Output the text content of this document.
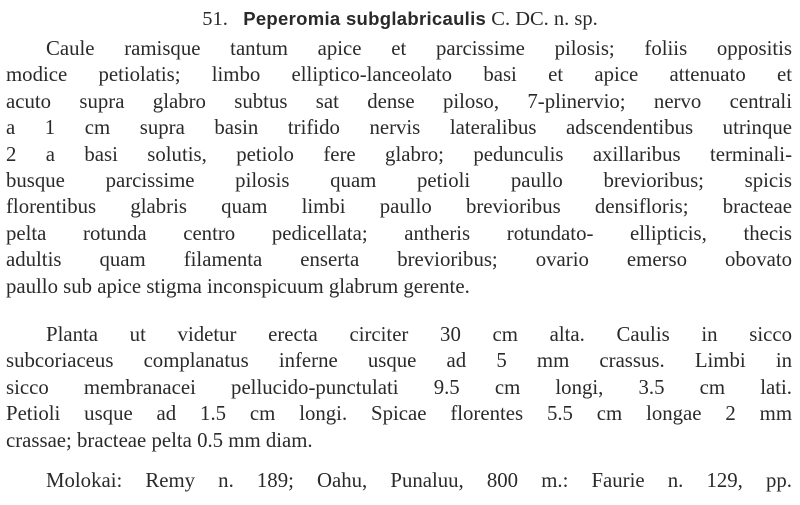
51. Peperomia subglabricaulis C. DC. n. sp.
Caule ramisque tantum apice et parcissime pilosis; foliis oppositis
modice petiolatis; limbo elliptico-lanceolato basi et apice attenuato et
acuto supra glabro subtus sat dense piloso, 7-plinervio; nervo centrali
a 1 cm supra basin trifido nervis lateralibus adscendentibus utrinque
2 a basi solutis, petiolo fere glabro; pedunculis axillaribus terminali-
busque parcissime pilosis quam petioli paullo brevioribus; spicis
florentibus glabris quam limbi paullo brevioribus densifloris; bracteae
pelta rotunda centro pedicellata; antheris rotundato- ellipticis, thecis
adultis quam filamenta enserta brevioribus; ovario emerso obovato
paullo sub apice stigma inconspicuum glabrum gerente.
Planta ut videtur erecta circiter 30 cm alta. Caulis in sicco
subcoriaceus complanatus inferne usque ad 5 mm crassus. Limbi in
sicco membranacei pellucido-punctulati 9.5 cm longi, 3.5 cm lati.
Petioli usque ad 1.5 cm longi. Spicae florentes 5.5 cm longae 2 mm
crassae; bracteae pelta 0.5 mm diam.
Molokai: Remy n. 189; Oahu, Punaluu, 800 m.: Faurie n. 129, pp.
